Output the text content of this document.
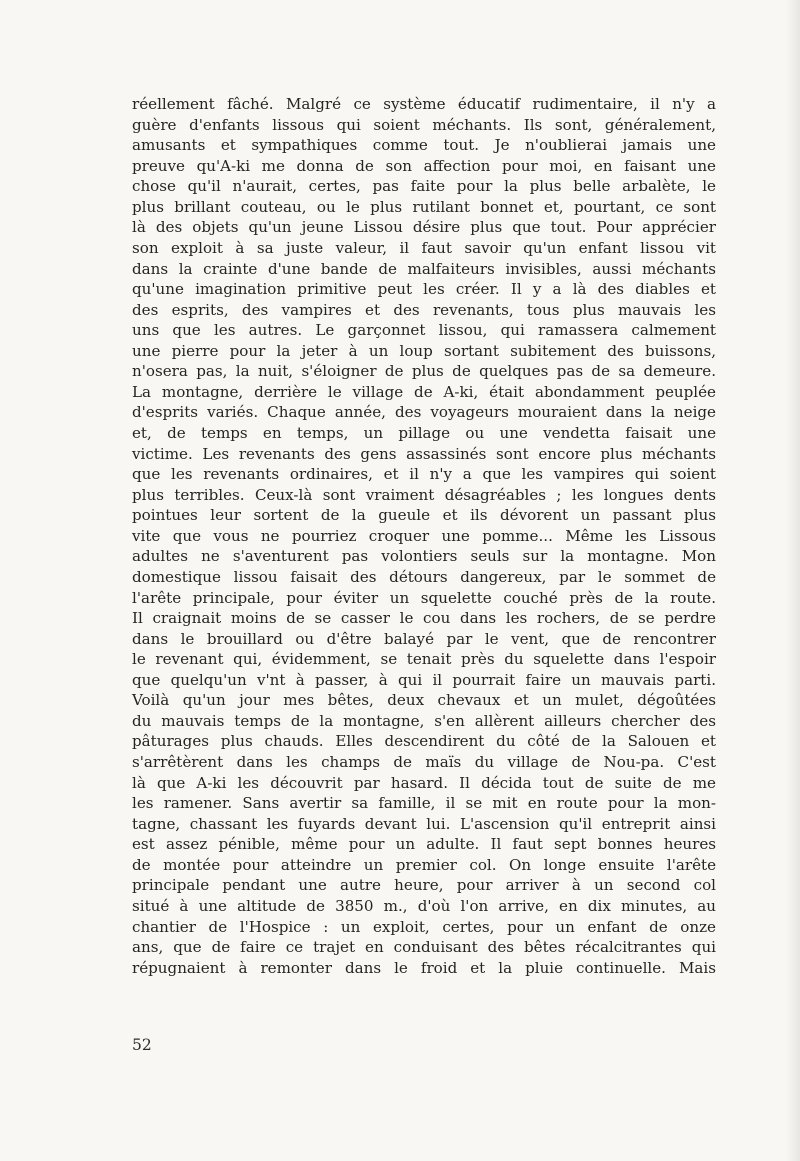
réellement fâché. Malgré ce système éducatif rudimentaire, il n'y a
guère d'enfants lissous qui soient méchants. Ils sont, généralement,
amusants et sympathiques comme tout. Je n'oublierai jamais une
preuve qu'A-ki me donna de son affection pour moi, en faisant une
chose qu'il n'aurait, certes, pas faite pour la plus belle arbalète, le
plus brillant couteau, ou le plus rutilant bonnet et, pourtant, ce sont
là des objets qu'un jeune Lissou désire plus que tout. Pour apprécier
son exploit à sa juste valeur, il faut savoir qu'un enfant lissou vit
dans la crainte d'une bande de malfaiteurs invisibles, aussi méchants
qu'une imagination primitive peut les créer. Il y a là des diables et
des esprits, des vampires et des revenants, tous plus mauvais les
uns que les autres. Le garçonnet lissou, qui ramassera calmement
une pierre pour la jeter à un loup sortant subitement des buissons,
n'osera pas, la nuit, s'éloigner de plus de quelques pas de sa demeure.
La montagne, derrière le village de A-ki, était abondamment peuplée
d'esprits variés. Chaque année, des voyageurs mouraient dans la neige
et, de temps en temps, un pillage ou une vendetta faisait une
victime. Les revenants des gens assassinés sont encore plus méchants
que les revenants ordinaires, et il n'y a que les vampires qui soient
plus terribles. Ceux-là sont vraiment désagréables ; les longues dents
pointues leur sortent de la gueule et ils dévorent un passant plus
vite que vous ne pourriez croquer une pomme... Même les Lissous
adultes ne s'aventurent pas volontiers seuls sur la montagne. Mon
domestique lissou faisait des détours dangereux, par le sommet de
l'arête principale, pour éviter un squelette couché près de la route.
Il craignait moins de se casser le cou dans les rochers, de se perdre
dans le brouillard ou d'être balayé par le vent, que de rencontrer
le revenant qui, évidemment, se tenait près du squelette dans l'espoir
que quelqu'un v'nt à passer, à qui il pourrait faire un mauvais parti.
Voilà qu'un jour mes bêtes, deux chevaux et un mulet, dégoûtées
du mauvais temps de la montagne, s'en allèrent ailleurs chercher des
pâturages plus chauds. Elles descendirent du côté de la Salouen et
s'arrêtèrent dans les champs de maïs du village de Nou-pa. C'est
là que A-ki les découvrit par hasard. Il décida tout de suite de me
les ramener. Sans avertir sa famille, il se mit en route pour la mon-
tagne, chassant les fuyards devant lui. L'ascension qu'il entreprit ainsi
est assez pénible, même pour un adulte. Il faut sept bonnes heures
de montée pour atteindre un premier col. On longe ensuite l'arête
principale pendant une autre heure, pour arriver à un second col
situé à une altitude de 3850 m., d'où l'on arrive, en dix minutes, au
chantier de l'Hospice : un exploit, certes, pour un enfant de onze
ans, que de faire ce trajet en conduisant des bêtes récalcitrantes qui
répugnaient à remonter dans le froid et la pluie continuelle. Mais
52
